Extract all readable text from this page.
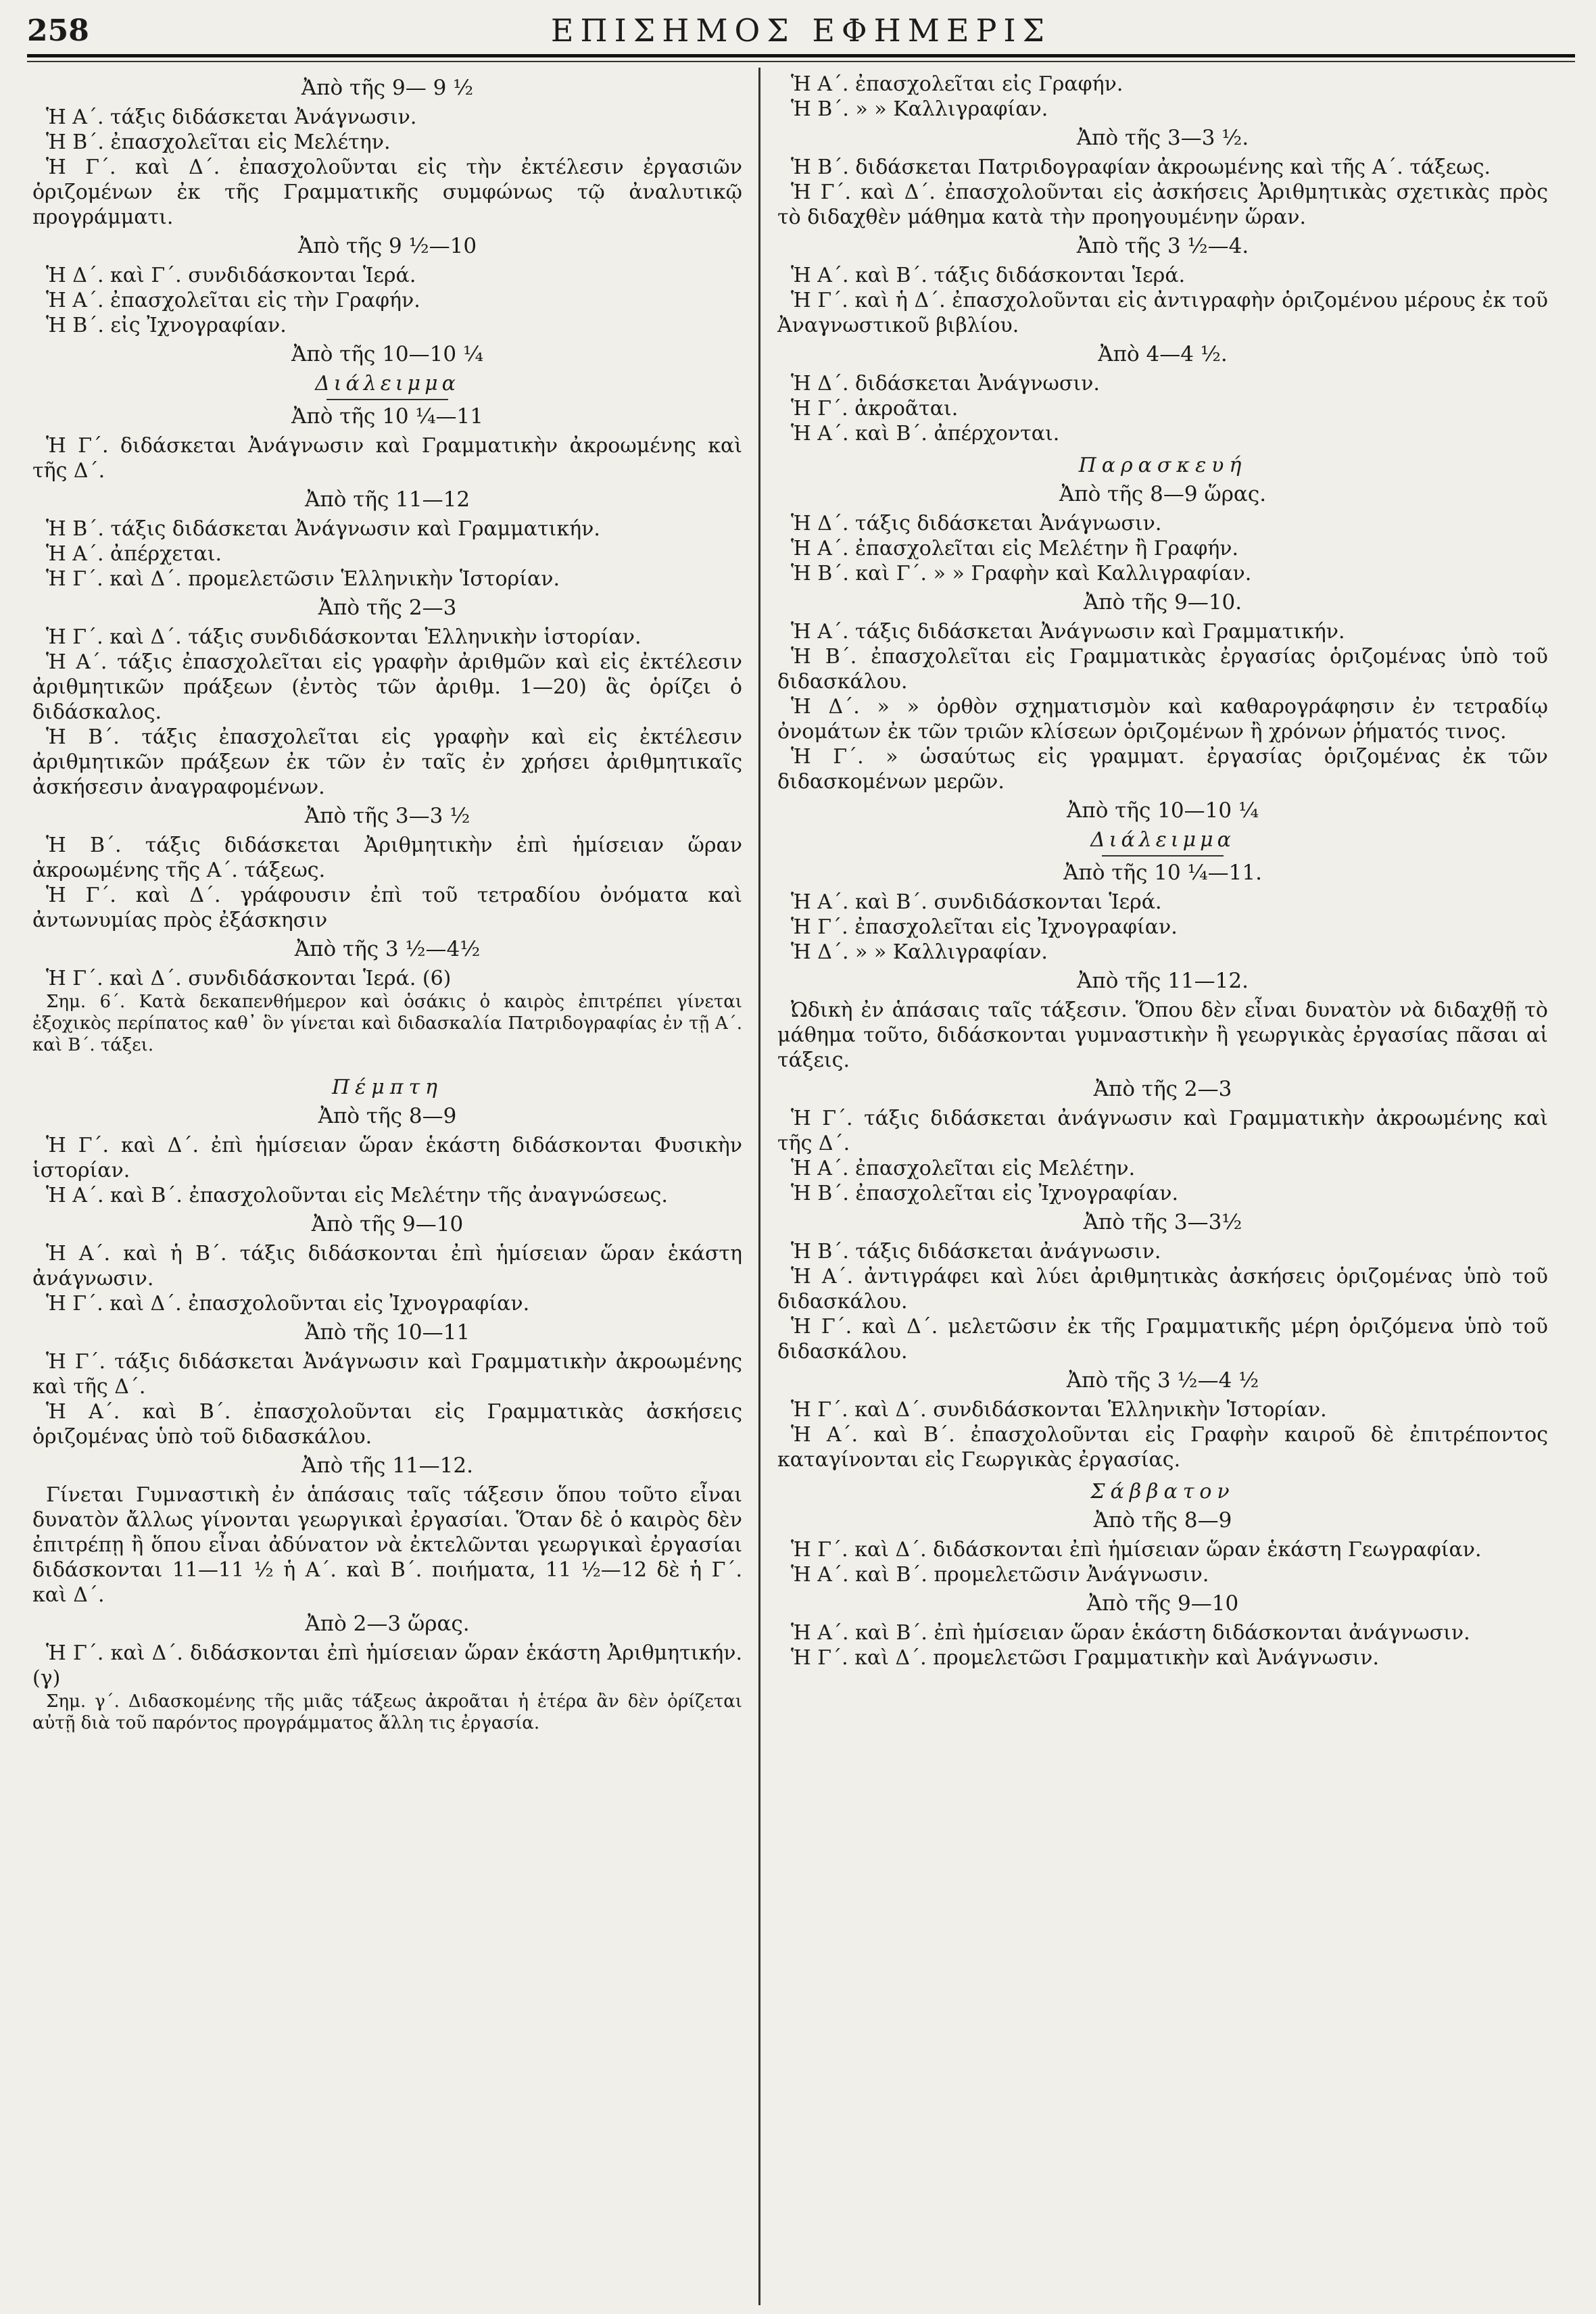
258	ΕΠΙΣΗΜΟΣ ΕΦΗΜΕΡΙΣ

Ἀπὸ τῆς 9— 9 ½

Ἡ Α΄. τάξις διδάσκεται Ἀνάγνωσιν.

Ἡ Β΄. ἐπασχολεῖται εἰς Μελέτην.

Ἡ Γ΄. καὶ Δ΄. ἐπασχολοῦνται εἰς τὴν ἐκτέλεσιν ἐργασιῶν ὁριζομένων ἐκ τῆς Γραμματικῆς συμφώνως τῷ ἀναλυτικῷ προγράμματι.

Ἀπὸ τῆς 9 ½—10

Ἡ Δ΄. καὶ Γ΄. συνδιδάσκονται Ἱερά.

Ἡ Α΄. ἐπασχολεῖται εἰς τὴν Γραφήν.

Ἡ Β΄. εἰς Ἰχνογραφίαν.

Ἀπὸ τῆς 10—10 ¼

Διάλειμμα

Ἀπὸ τῆς 10 ¼—11

Ἡ Γ΄. διδάσκεται Ἀνάγνωσιν καὶ Γραμματικὴν ἀκροωμένης καὶ τῆς Δ΄.

Ἀπὸ τῆς 11—12

Ἡ Β΄. τάξις διδάσκεται Ἀνάγνωσιν καὶ Γραμματικήν.

Ἡ Α΄. ἀπέρχεται.

Ἡ Γ΄. καὶ Δ΄. προμελετῶσιν Ἑλληνικὴν Ἱστορίαν.

Ἀπὸ τῆς 2—3

Ἡ Γ΄. καὶ Δ΄. τάξις συνδιδάσκονται Ἑλληνικὴν ἱστορίαν.

Ἡ Α΄. τάξις ἐπασχολεῖται εἰς γραφὴν ἀριθμῶν καὶ εἰς ἐκτέλεσιν ἀριθμητικῶν πράξεων (ἐντὸς τῶν ἀριθμ. 1—20) ἃς ὁρίζει ὁ διδάσκαλος.

Ἡ Β΄. τάξις ἐπασχολεῖται εἰς γραφὴν καὶ εἰς ἐκτέλεσιν ἀριθμητικῶν πράξεων ἐκ τῶν ἐν ταῖς ἐν χρήσει ἀριθμητικαῖς ἀσκήσεσιν ἀναγραφομένων.

Ἀπὸ τῆς 3—3 ½

Ἡ Β΄. τάξις διδάσκεται Ἀριθμητικὴν ἐπὶ ἡμίσειαν ὥραν ἀκροωμένης τῆς Α΄. τάξεως.

Ἡ Γ΄. καὶ Δ΄. γράφουσιν ἐπὶ τοῦ τετραδίου ὀνόματα καὶ ἀντωνυμίας πρὸς ἐξάσκησιν

Ἀπὸ τῆς 3 ½—4½

Ἡ Γ΄. καὶ Δ΄. συνδιδάσκονται Ἱερά. (6)

Σημ. 6΄. Κατὰ δεκαπενθήμερον καὶ ὁσάκις ὁ καιρὸς ἐπιτρέπει γίνεται ἐξοχικὸς περίπατος καθ᾽ ὃν γίνεται καὶ διδασκαλία Πατριδογραφίας ἐν τῇ Α΄. καὶ Β΄. τάξει.

Πέμπτη

Ἀπὸ τῆς 8—9

Ἡ Γ΄. καὶ Δ΄. ἐπὶ ἡμίσειαν ὥραν ἑκάστη διδάσκονται Φυσικὴν ἱστορίαν.

Ἡ Α΄. καὶ Β΄. ἐπασχολοῦνται εἰς Μελέτην τῆς ἀναγνώσεως.

Ἀπὸ τῆς 9—10

Ἡ Α΄. καὶ ἡ Β΄. τάξις διδάσκονται ἐπὶ ἡμίσειαν ὥραν ἑκάστη ἀνάγνωσιν.

Ἡ Γ΄. καὶ Δ΄. ἐπασχολοῦνται εἰς Ἰχνογραφίαν.

Ἀπὸ τῆς 10—11

Ἡ Γ΄. τάξις διδάσκεται Ἀνάγνωσιν καὶ Γραμματικὴν ἀκροωμένης καὶ τῆς Δ΄.

Ἡ Α΄. καὶ Β΄. ἐπασχολοῦνται εἰς Γραμματικὰς ἀσκήσεις ὁριζομένας ὑπὸ τοῦ διδασκάλου.

Ἀπὸ τῆς 11—12.

Γίνεται Γυμναστικὴ ἐν ἁπάσαις ταῖς τάξεσιν ὅπου τοῦτο εἶναι δυνατὸν ἄλλως γίνονται γεωργικαὶ ἐργασίαι. Ὅταν δὲ ὁ καιρὸς δὲν ἐπιτρέπῃ ἢ ὅπου εἶναι ἀδύνατον νὰ ἐκτελῶνται γεωργικαὶ ἐργασίαι διδάσκονται 11—11 ½ ἡ Α΄. καὶ Β΄. ποιήματα, 11 ½—12 δὲ ἡ Γ΄. καὶ Δ΄.

Ἀπὸ 2—3 ὥρας.

Ἡ Γ΄. καὶ Δ΄. διδάσκονται ἐπὶ ἡμίσειαν ὥραν ἑκάστη Ἀριθμητικήν. (γ)

Σημ. γ΄. Διδασκομένης τῆς μιᾶς τάξεως ἀκροᾶται ἡ ἑτέρα ἂν δὲν ὁρίζεται αὐτῇ διὰ τοῦ παρόντος προγράμματος ἄλλη τις ἐργασία.

Ἡ Α΄. ἐπασχολεῖται εἰς Γραφήν.

Ἡ Β΄. » » Καλλιγραφίαν.

Ἀπὸ τῆς 3—3 ½.

Ἡ Β΄. διδάσκεται Πατριδογραφίαν ἀκροωμένης καὶ τῆς Α΄. τάξεως.

Ἡ Γ΄. καὶ Δ΄. ἐπασχολοῦνται εἰς ἀσκήσεις Ἀριθμητικὰς σχετικὰς πρὸς τὸ διδαχθὲν μάθημα κατὰ τὴν προηγουμένην ὥραν.

Ἀπὸ τῆς 3 ½—4.

Ἡ Α΄. καὶ Β΄. τάξις διδάσκονται Ἱερά.

Ἡ Γ΄. καὶ ἡ Δ΄. ἐπασχολοῦνται εἰς ἀντιγραφὴν ὁριζομένου μέρους ἐκ τοῦ Ἀναγνωστικοῦ βιβλίου.

Ἀπὸ 4—4 ½.

Ἡ Δ΄. διδάσκεται Ἀνάγνωσιν.

Ἡ Γ΄. ἀκροᾶται.

Ἡ Α΄. καὶ Β΄. ἀπέρχονται.

Παρασκευή

Ἀπὸ τῆς 8—9 ὥρας.

Ἡ Δ΄. τάξις διδάσκεται Ἀνάγνωσιν.

Ἡ Α΄. ἐπασχολεῖται εἰς Μελέτην ἢ Γραφήν.

Ἡ Β΄. καὶ Γ΄. » » Γραφὴν καὶ Καλλιγραφίαν.

Ἀπὸ τῆς 9—10.

Ἡ Α΄. τάξις διδάσκεται Ἀνάγνωσιν καὶ Γραμματικήν.

Ἡ Β΄. ἐπασχολεῖται εἰς Γραμματικὰς ἐργασίας ὁριζομένας ὑπὸ τοῦ διδασκάλου.

Ἡ Δ΄. » » ὀρθὸν σχηματισμὸν καὶ καθαρογράφησιν ἐν τετραδίῳ ὀνομάτων ἐκ τῶν τριῶν κλίσεων ὁριζομένων ἢ χρόνων ῥήματός τινος.

Ἡ Γ΄. » ὡσαύτως εἰς γραμματ. ἐργασίας ὁριζομένας ἐκ τῶν διδασκομένων μερῶν.

Ἀπὸ τῆς 10—10 ¼

Διάλειμμα

Ἀπὸ τῆς 10 ¼—11.

Ἡ Α΄. καὶ Β΄. συνδιδάσκονται Ἱερά.

Ἡ Γ΄. ἐπασχολεῖται εἰς Ἰχνογραφίαν.

Ἡ Δ΄. » » Καλλιγραφίαν.

Ἀπὸ τῆς 11—12.

Ὠδικὴ ἐν ἁπάσαις ταῖς τάξεσιν. Ὅπου δὲν εἶναι δυνατὸν νὰ διδαχθῇ τὸ μάθημα τοῦτο, διδάσκονται γυμναστικὴν ἢ γεωργικὰς ἐργασίας πᾶσαι αἱ τάξεις.

Ἀπὸ τῆς 2—3

Ἡ Γ΄. τάξις διδάσκεται ἀνάγνωσιν καὶ Γραμματικὴν ἀκροωμένης καὶ τῆς Δ΄.

Ἡ Α΄. ἐπασχολεῖται εἰς Μελέτην.

Ἡ Β΄. ἐπασχολεῖται εἰς Ἰχνογραφίαν.

Ἀπὸ τῆς 3—3½

Ἡ Β΄. τάξις διδάσκεται ἀνάγνωσιν.

Ἡ Α΄. ἀντιγράφει καὶ λύει ἀριθμητικὰς ἀσκήσεις ὁριζομένας ὑπὸ τοῦ διδασκάλου.

Ἡ Γ΄. καὶ Δ΄. μελετῶσιν ἐκ τῆς Γραμματικῆς μέρη ὁριζόμενα ὑπὸ τοῦ διδασκάλου.

Ἀπὸ τῆς 3 ½—4 ½

Ἡ Γ΄. καὶ Δ΄. συνδιδάσκονται Ἑλληνικὴν Ἱστορίαν.

Ἡ Α΄. καὶ Β΄. ἐπασχολοῦνται εἰς Γραφὴν καιροῦ δὲ ἐπιτρέποντος καταγίνονται εἰς Γεωργικὰς ἐργασίας.

Σάββατον

Ἀπὸ τῆς 8—9

Ἡ Γ΄. καὶ Δ΄. διδάσκονται ἐπὶ ἡμίσειαν ὥραν ἑκάστη Γεωγραφίαν.

Ἡ Α΄. καὶ Β΄. προμελετῶσιν Ἀνάγνωσιν.

Ἀπὸ τῆς 9—10

Ἡ Α΄. καὶ Β΄. ἐπὶ ἡμίσειαν ὥραν ἑκάστη διδάσκονται ἀνάγνωσιν.

Ἡ Γ΄. καὶ Δ΄. προμελετῶσι Γραμματικὴν καὶ Ἀνάγνωσιν.
